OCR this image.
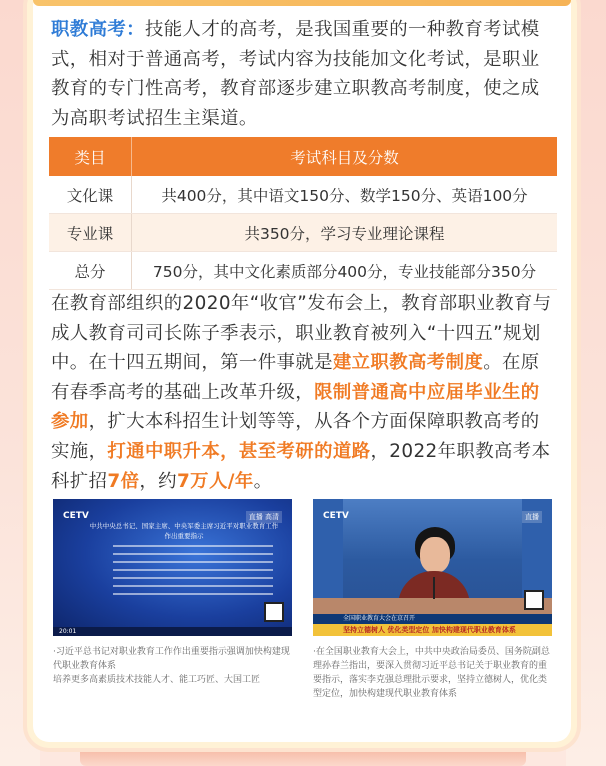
职教高考：技能人才的高考，是我国重要的一种教育考试模式，相对于普通高考，考试内容为技能加文化考试，是职业教育的专门性高考，教育部逐步建立职教高考制度，使之成为高职考试招生主渠道。
类目	考试科目及分数
文化课	共400分，其中语文150分、数学150分、英语100分
专业课	共350分，学习专业理论课程
总分	750分，其中文化素质部分400分，专业技能部分350分
在教育部组织的2020年“收官”发布会上，教育部职业教育与成人教育司司长陈子季表示，职业教育被列入“十四五”规划中。在十四五期间，第一件事就是建立职教高考制度。在原有春季高考的基础上改革升级，限制普通高中应届毕业生的参加，扩大本科招生计划等等，从各个方面保障职教高考的实施，打通中职升本，甚至考研的道路，2022年职教高考本科扩招7倍，约7万人/年。
CETV	直播 高清
中共中央总书记、国家主席、中央军委主席习近平对职业教育工作作出重要指示
20:01
CETV	直播
全国职业教育大会在京召开
坚持立德树人 优化类型定位 加快构建现代职业教育体系
·习近平总书记对职业教育工作作出重要指示强调加快构建现代职业教育体系
培养更多高素质技术技能人才、能工巧匠、大国工匠
·在全国职业教育大会上，中共中央政治局委员、国务院副总理孙春兰指出，要深入贯彻习近平总书记关于职业教育的重要指示，落实李克强总理批示要求，坚持立德树人，优化类型定位，加快构建现代职业教育体系
